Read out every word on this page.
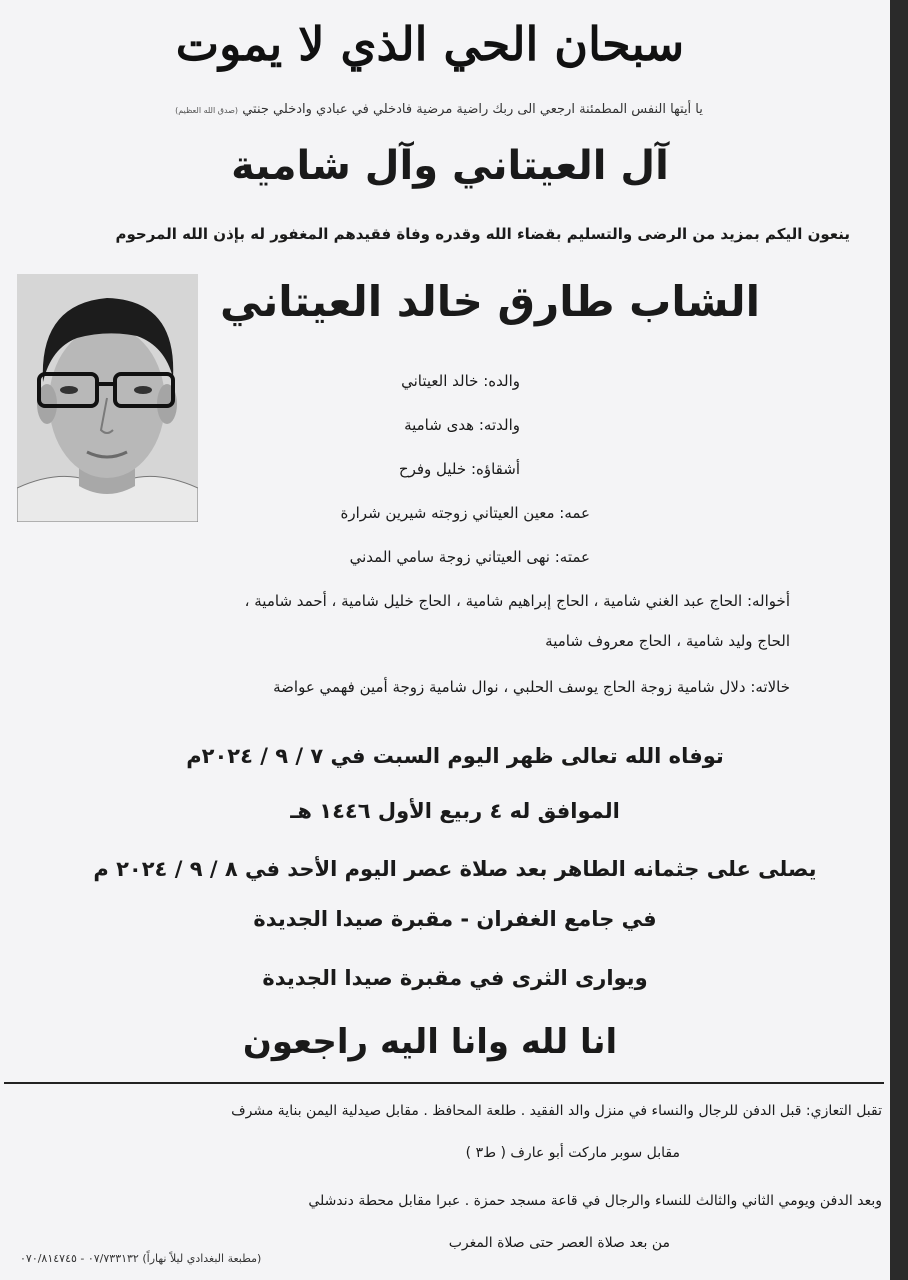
سبحان الحي الذي لا يموت
يا أيتها النفس المطمئنة ارجعي الى ربك راضية مرضية فادخلي في عبادي وادخلي جنتي (صدق الله العظيم)
آل العيتاني وآل شامية
ينعون اليكم بمزيد من الرضى والتسليم بقضاء الله وقدره وفاة فقيدهم المغفور له بإذن الله المرحوم
الشاب طارق خالد العيتاني
والده: خالد العيتاني
والدته: هدى شامية
أشقاؤه: خليل وفرح
عمه: معين العيتاني زوجته شيرين شرارة
عمته: نهى العيتاني زوجة سامي المدني
أخواله: الحاج عبد الغني شامية ، الحاج إبراهيم شامية ، الحاج خليل شامية ، أحمد شامية ،
الحاج وليد شامية ، الحاج معروف شامية
خالاته: دلال شامية زوجة الحاج يوسف الحلبي ، نوال شامية زوجة أمين فهمي عواضة
توفاه الله تعالى ظهر اليوم السبت في ٧ / ٩ / ٢٠٢٤م
الموافق له ٤ ربيع الأول ١٤٤٦ هـ
يصلى على جثمانه الطاهر بعد صلاة عصر اليوم الأحد في ٨ / ٩ / ٢٠٢٤ م
في جامع الغفران - مقبرة صيدا الجديدة
ويوارى الثرى في مقبرة صيدا الجديدة
انا لله وانا اليه راجعون
تقبل التعازي: قبل الدفن للرجال والنساء في منزل والد الفقيد . طلعة المحافظ . مقابل صيدلية اليمن بناية مشرف
مقابل سوبر ماركت أبو عارف ( ط٣ )
وبعد الدفن ويومي الثاني والثالث للنساء والرجال في قاعة مسجد حمزة . عبرا مقابل محطة دندشلي
من بعد صلاة العصر حتى صلاة المغرب
(مطبعة البغدادي ليلاً نهاراً) ٠٧/٧٣٣١٣٢ - ٠٧٠/٨١٤٧٤٥
